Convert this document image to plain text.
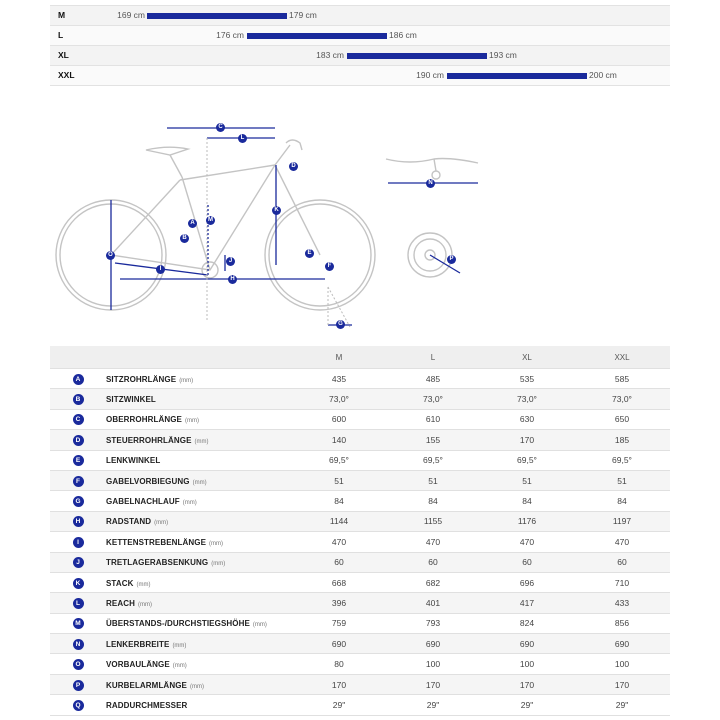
M	169 cm	179 cm
L	176 cm	186 cm
XL	183 cm	193 cm
XXL	190 cm	200 cm
C
L
D
K
M
A
B
O	E
J
F
I
H
G
N
P
		M	L	XL	XXL
A	SITZROHRLÄNGE (mm)	435	485	535	585
B	SITZWINKEL	73,0°	73,0°	73,0°	73,0°
C	OBERROHRLÄNGE (mm)	600	610	630	650
D	STEUERROHRLÄNGE (mm)	140	155	170	185
E	LENKWINKEL	69,5°	69,5°	69,5°	69,5°
F	GABELVORBIEGUNG (mm)	51	51	51	51
G	GABELNACHLAUF (mm)	84	84	84	84
H	RADSTAND (mm)	1144	1155	1176	1197
I	KETTENSTREBENLÄNGE (mm)	470	470	470	470
J	TRETLAGERABSENKUNG (mm)	60	60	60	60
K	STACK (mm)	668	682	696	710
L	REACH (mm)	396	401	417	433
M	ÜBERSTANDS-/DURCHSTIEGSHÖHE (mm)	759	793	824	856
N	LENKERBREITE (mm)	690	690	690	690
O	VORBAULÄNGE (mm)	80	100	100	100
P	KURBELARMLÄNGE (mm)	170	170	170	170
Q	RADDURCHMESSER	29"	29"	29"	29"
